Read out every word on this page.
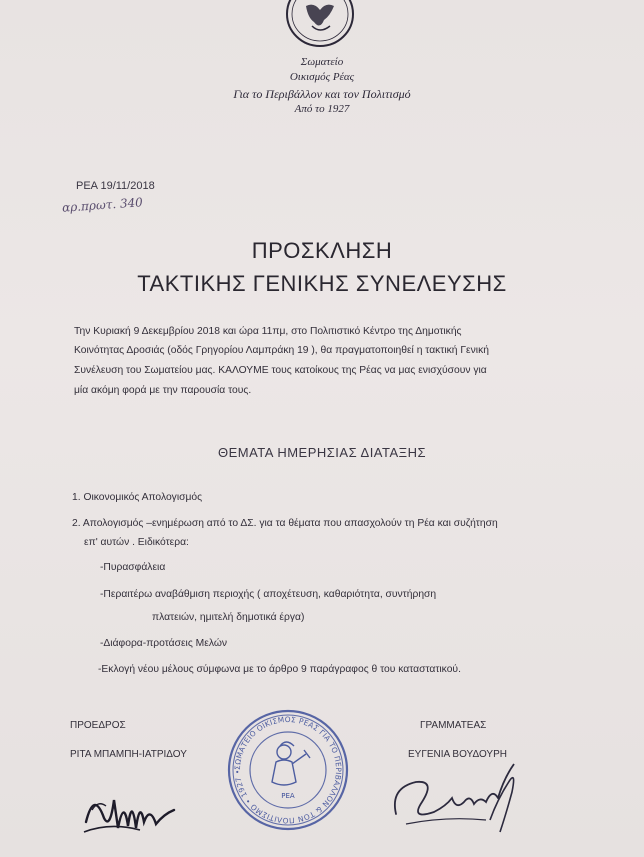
Σωματείο
Οικισμός Ρέας
Για το Περιβάλλον και τον Πολιτισμό
Από το 1927
ΡΕΑ 19/11/2018
αρ.πρωτ. 340
ΠΡΟΣΚΛΗΣΗ
ΤΑΚΤΙΚΗΣ ΓΕΝΙΚΗΣ ΣΥΝΕΛΕΥΣΗΣ
Την Κυριακή 9 Δεκεμβρίου 2018 και ώρα 11πμ, στο Πολιτιστικό Κέντρο της Δημοτικής
Κοινότητας Δροσιάς (οδός Γρηγορίου Λαμπράκη 19 ), θα πραγματοποιηθεί η τακτική Γενική
Συνέλευση του Σωματείου μας. ΚΑΛΟΥΜΕ τους κατοίκους της Ρέας να μας ενισχύσουν για
μία ακόμη φορά με την παρουσία τους.
ΘΕΜΑΤΑ ΗΜΕΡΗΣΙΑΣ ΔΙΑΤΑΞΗΣ
1. Οικονομικός Απολογισμός
2. Απολογισμός –ενημέρωση από το ΔΣ. για τα θέματα που απασχολούν τη Ρέα και συζήτηση
επ' αυτών . Ειδικότερα:
-Πυρασφάλεια
-Περαιτέρω αναβάθμιση περιοχής ( αποχέτευση, καθαριότητα, συντήρηση
πλατειών, ημιτελή δημοτικά έργα)
-Διάφορα-προτάσεις Μελών
-Εκλογή νέου μέλους σύμφωνα με το άρθρο 9 παράγραφος θ του καταστατικού.
ΠΡΟΕΔΡΟΣ
ΡΙΤΑ ΜΠΑΜΠΗ-ΙΑΤΡΙΔΟΥ
ΓΡΑΜΜΑΤΕΑΣ
ΕΥΓΕΝΙΑ ΒΟΥΔΟΥΡΗ
ΣΩΜΑΤΕΙΟ ΟΙΚΙΣΜΟΣ ΡΕΑΣ ΓΙΑ ΤΟ ΠΕΡΙΒΑΛΛΟΝ & ΤΟΝ ΠΟΛΙΤΙΣΜΟ • 1927 •
ΡΕΑ
